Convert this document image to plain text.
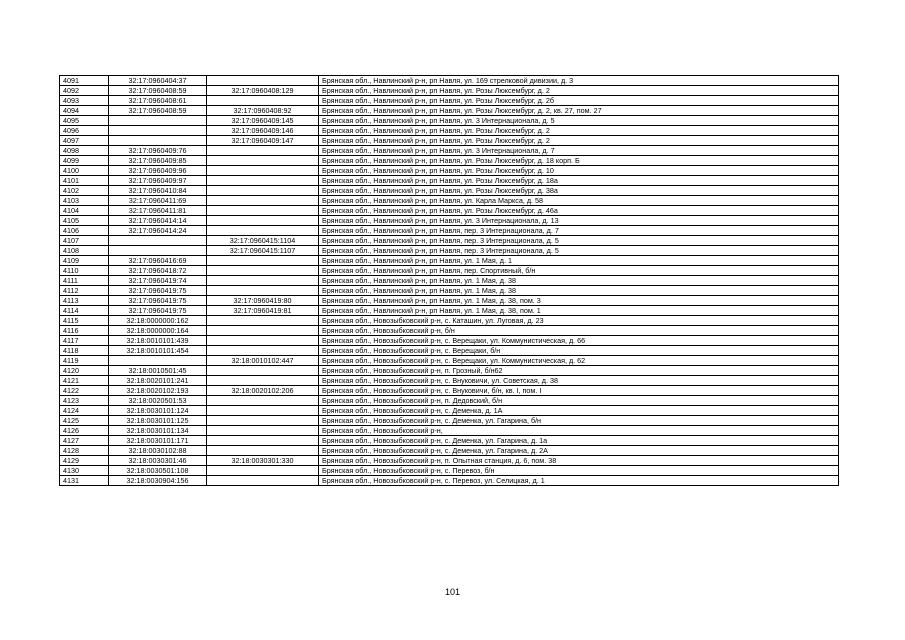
4091	32:17:0960404:37		Брянская обл., Навлинский р-н, рп Навля, ул. 169 стрелковой дивизии, д. 3
4092	32:17:0960408:59	32:17:0960408:129	Брянская обл., Навлинский р-н, рп Навля, ул. Розы Люксембург, д. 2
4093	32:17:0960408:61		Брянская обл., Навлинский р-н, рп Навля, ул. Розы Люксембург, д. 2б
4094	32:17:0960408:59	32:17:0960408:92	Брянская обл., Навлинский р-н, рп Навля, ул. Розы Люксембург, д. 2, кв. 27, пом. 27
4095		32:17:0960409:145	Брянская обл., Навлинский р-н, рп Навля, ул. 3 Интернационала, д. 5
4096		32:17:0960409:146	Брянская обл., Навлинский р-н, рп Навля, ул. Розы Люксембург, д. 2
4097		32:17:0960409:147	Брянская обл., Навлинский р-н, рп Навля, ул. Розы Люксембург, д. 2
4098	32:17:0960409:76		Брянская обл., Навлинский р-н, рп Навля, ул. 3 Интернационала, д. 7
4099	32:17:0960409:85		Брянская обл., Навлинский р-н, рп Навля, ул. Розы Люксембург, д. 18 корп. Б
4100	32:17:0960409:96		Брянская обл., Навлинский р-н, рп Навля, ул. Розы Люксембург, д. 10
4101	32:17:0960409:97		Брянская обл., Навлинский р-н, рп Навля, ул. Розы Люксембург, д. 18а
4102	32:17:0960410:84		Брянская обл., Навлинский р-н, рп Навля, ул. Розы Люксембург, д. 38а
4103	32:17:0960411:69		Брянская обл., Навлинский р-н, рп Навля, ул. Карла Маркса, д. 58
4104	32:17:0960411:81		Брянская обл., Навлинский р-н, рп Навля, ул. Розы Люксембург, д. 46а
4105	32:17:0960414:14		Брянская обл., Навлинский р-н, рп Навля, ул. 3 Интернационала, д. 13
4106	32:17:0960414:24		Брянская обл., Навлинский р-н, рп Навля, пер. 3 Интернационала, д. 7
4107		32:17:0960415:1104	Брянская обл., Навлинский р-н, рп Навля, пер. 3 Интернационала, д. 5
4108		32:17:0960415:1107	Брянская обл., Навлинский р-н, рп Навля, пер. 3 Интернационала, д. 5
4109	32:17:0960416:69		Брянская обл., Навлинский р-н, рп Навля, ул. 1 Мая, д. 1
4110	32:17:0960418:72		Брянская обл., Навлинский р-н, рп Навля, пер. Спортивный, б/н
4111	32:17:0960419:74		Брянская обл., Навлинский р-н, рп Навля, ул. 1 Мая, д. 38
4112	32:17:0960419:75		Брянская обл., Навлинский р-н, рп Навля, ул. 1 Мая, д. 38
4113	32:17:0960419:75	32:17:0960419:80	Брянская обл., Навлинский р-н, рп Навля, ул. 1 Мая, д. 38, пом. 3
4114	32:17:0960419:75	32:17:0960419:81	Брянская обл., Навлинский р-н, рп Навля, ул. 1 Мая, д. 38, пом. 1
4115	32:18:0000000:162		Брянская обл., Новозыбковский р-н, с. Каташин, ул. Луговая, д. 23
4116	32:18:0000000:164		Брянская обл., Новозыбковский р-н, б/н
4117	32:18:0010101:439		Брянская обл., Новозыбковский р-н, с. Верещаки, ул. Коммунистическая, д. 66
4118	32:18:0010101:454		Брянская обл., Новозыбковский р-н, с. Верещаки, б/н
4119		32:18:0010102:447	Брянская обл., Новозыбковский р-н, с. Верещаки, ул. Коммунистическая, д. 62
4120	32:18:0010501:45		Брянская обл., Новозыбковский р-н, п. Грозный, б/н62
4121	32:18:0020101:241		Брянская обл., Новозыбковский р-н, с. Внуковичи, ул. Советская, д. 38
4122	32:18:0020102:193	32:18:0020102:206	Брянская обл., Новозыбковский р-н, с. Внуковичи, б/н, кв. I, пом. I
4123	32:18:0020501:53		Брянская обл., Новозыбковский р-н, п. Дедовский, б/н
4124	32:18:0030101:124		Брянская обл., Новозыбковский р-н, с. Деменка, д. 1А
4125	32:18:0030101:125		Брянская обл., Новозыбковский р-н, с. Деменка, ул. Гагарина, б/н
4126	32:18:0030101:134		Брянская обл., Новозыбковский р-н,
4127	32:18:0030101:171		Брянская обл., Новозыбковский р-н, с. Деменка, ул. Гагарина, д. 1а
4128	32:18:0030102:88		Брянская обл., Новозыбковский р-н, с. Деменка, ул. Гагарина, д. 2А
4129	32:18:0030301:46	32:18:0030301:330	Брянская обл., Новозыбковский р-н, п. Опытная станция, д. 6, пом. 38
4130	32:18:0030501:108		Брянская обл., Новозыбковский р-н, с. Перевоз, б/н
4131	32:18:0030904:156		Брянская обл., Новозыбковский р-н, с. Перевоз, ул. Селицкая, д. 1
101
